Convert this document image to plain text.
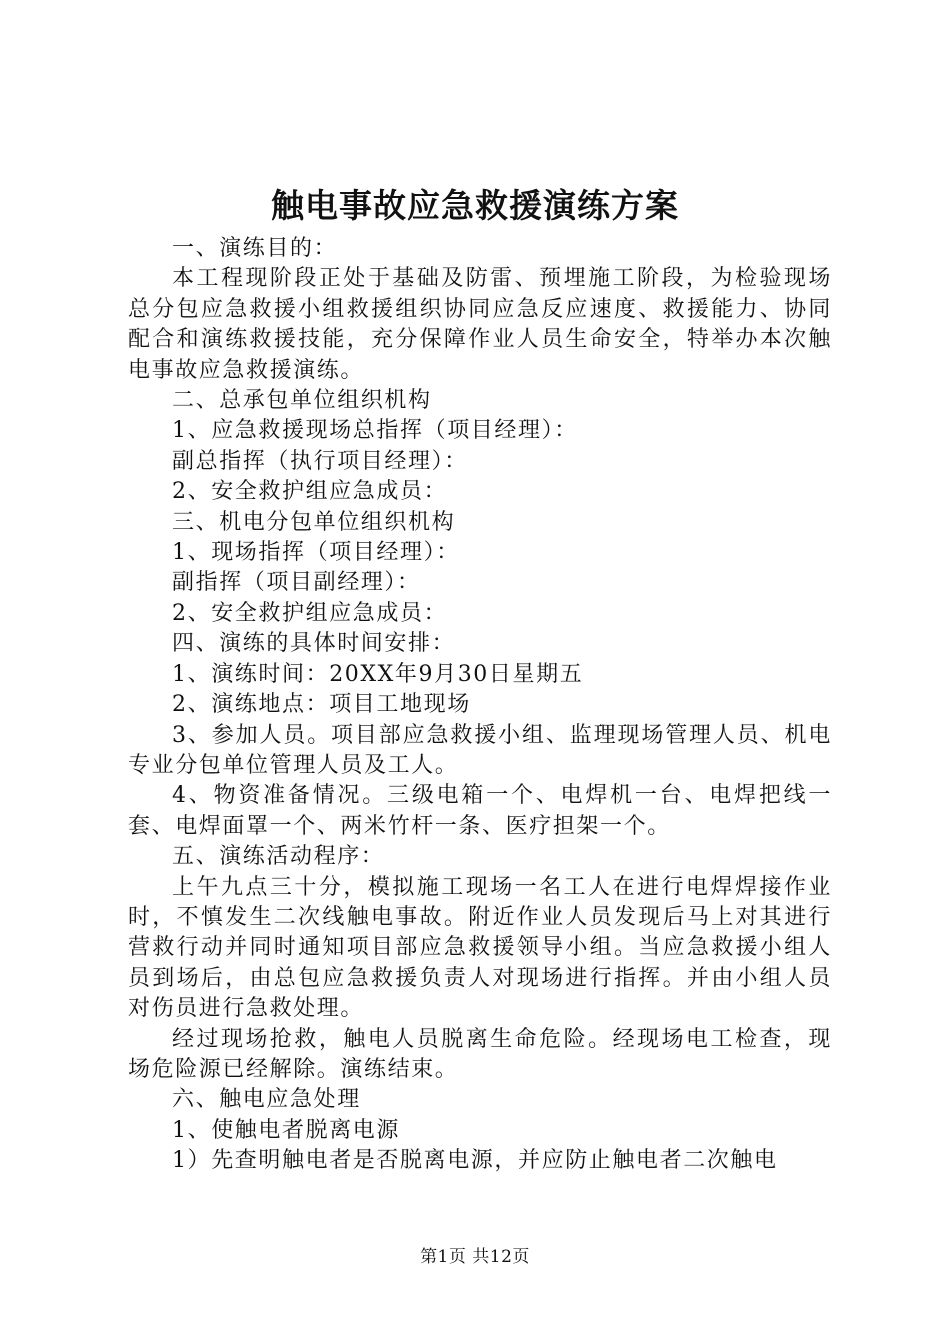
触电事故应急救援演练方案

一、演练目的：

本工程现阶段正处于基础及防雷、预埋施工阶段，为检验现场总分包应急救援小组救援组织协同应急反应速度、救援能力、协同配合和演练救援技能，充分保障作业人员生命安全，特举办本次触电事故应急救援演练。

二、总承包单位组织机构

1、应急救援现场总指挥（项目经理）：

副总指挥（执行项目经理）：

2、安全救护组应急成员：

三、机电分包单位组织机构

1、现场指挥（项目经理）：

副指挥（项目副经理）：

2、安全救护组应急成员：

四、演练的具体时间安排：

1、演练时间：20XX年9月30日星期五

2、演练地点：项目工地现场

3、参加人员。项目部应急救援小组、监理现场管理人员、机电专业分包单位管理人员及工人。

4、物资准备情况。三级电箱一个、电焊机一台、电焊把线一套、电焊面罩一个、两米竹杆一条、医疗担架一个。

五、演练活动程序：

上午九点三十分，模拟施工现场一名工人在进行电焊焊接作业时，不慎发生二次线触电事故。附近作业人员发现后马上对其进行营救行动并同时通知项目部应急救援领导小组。当应急救援小组人员到场后，由总包应急救援负责人对现场进行指挥。并由小组人员对伤员进行急救处理。

经过现场抢救，触电人员脱离生命危险。经现场电工检查，现场危险源已经解除。演练结束。

六、触电应急处理

1、使触电者脱离电源

1）先查明触电者是否脱离电源，并应防止触电者二次触电

第1页 共12页
